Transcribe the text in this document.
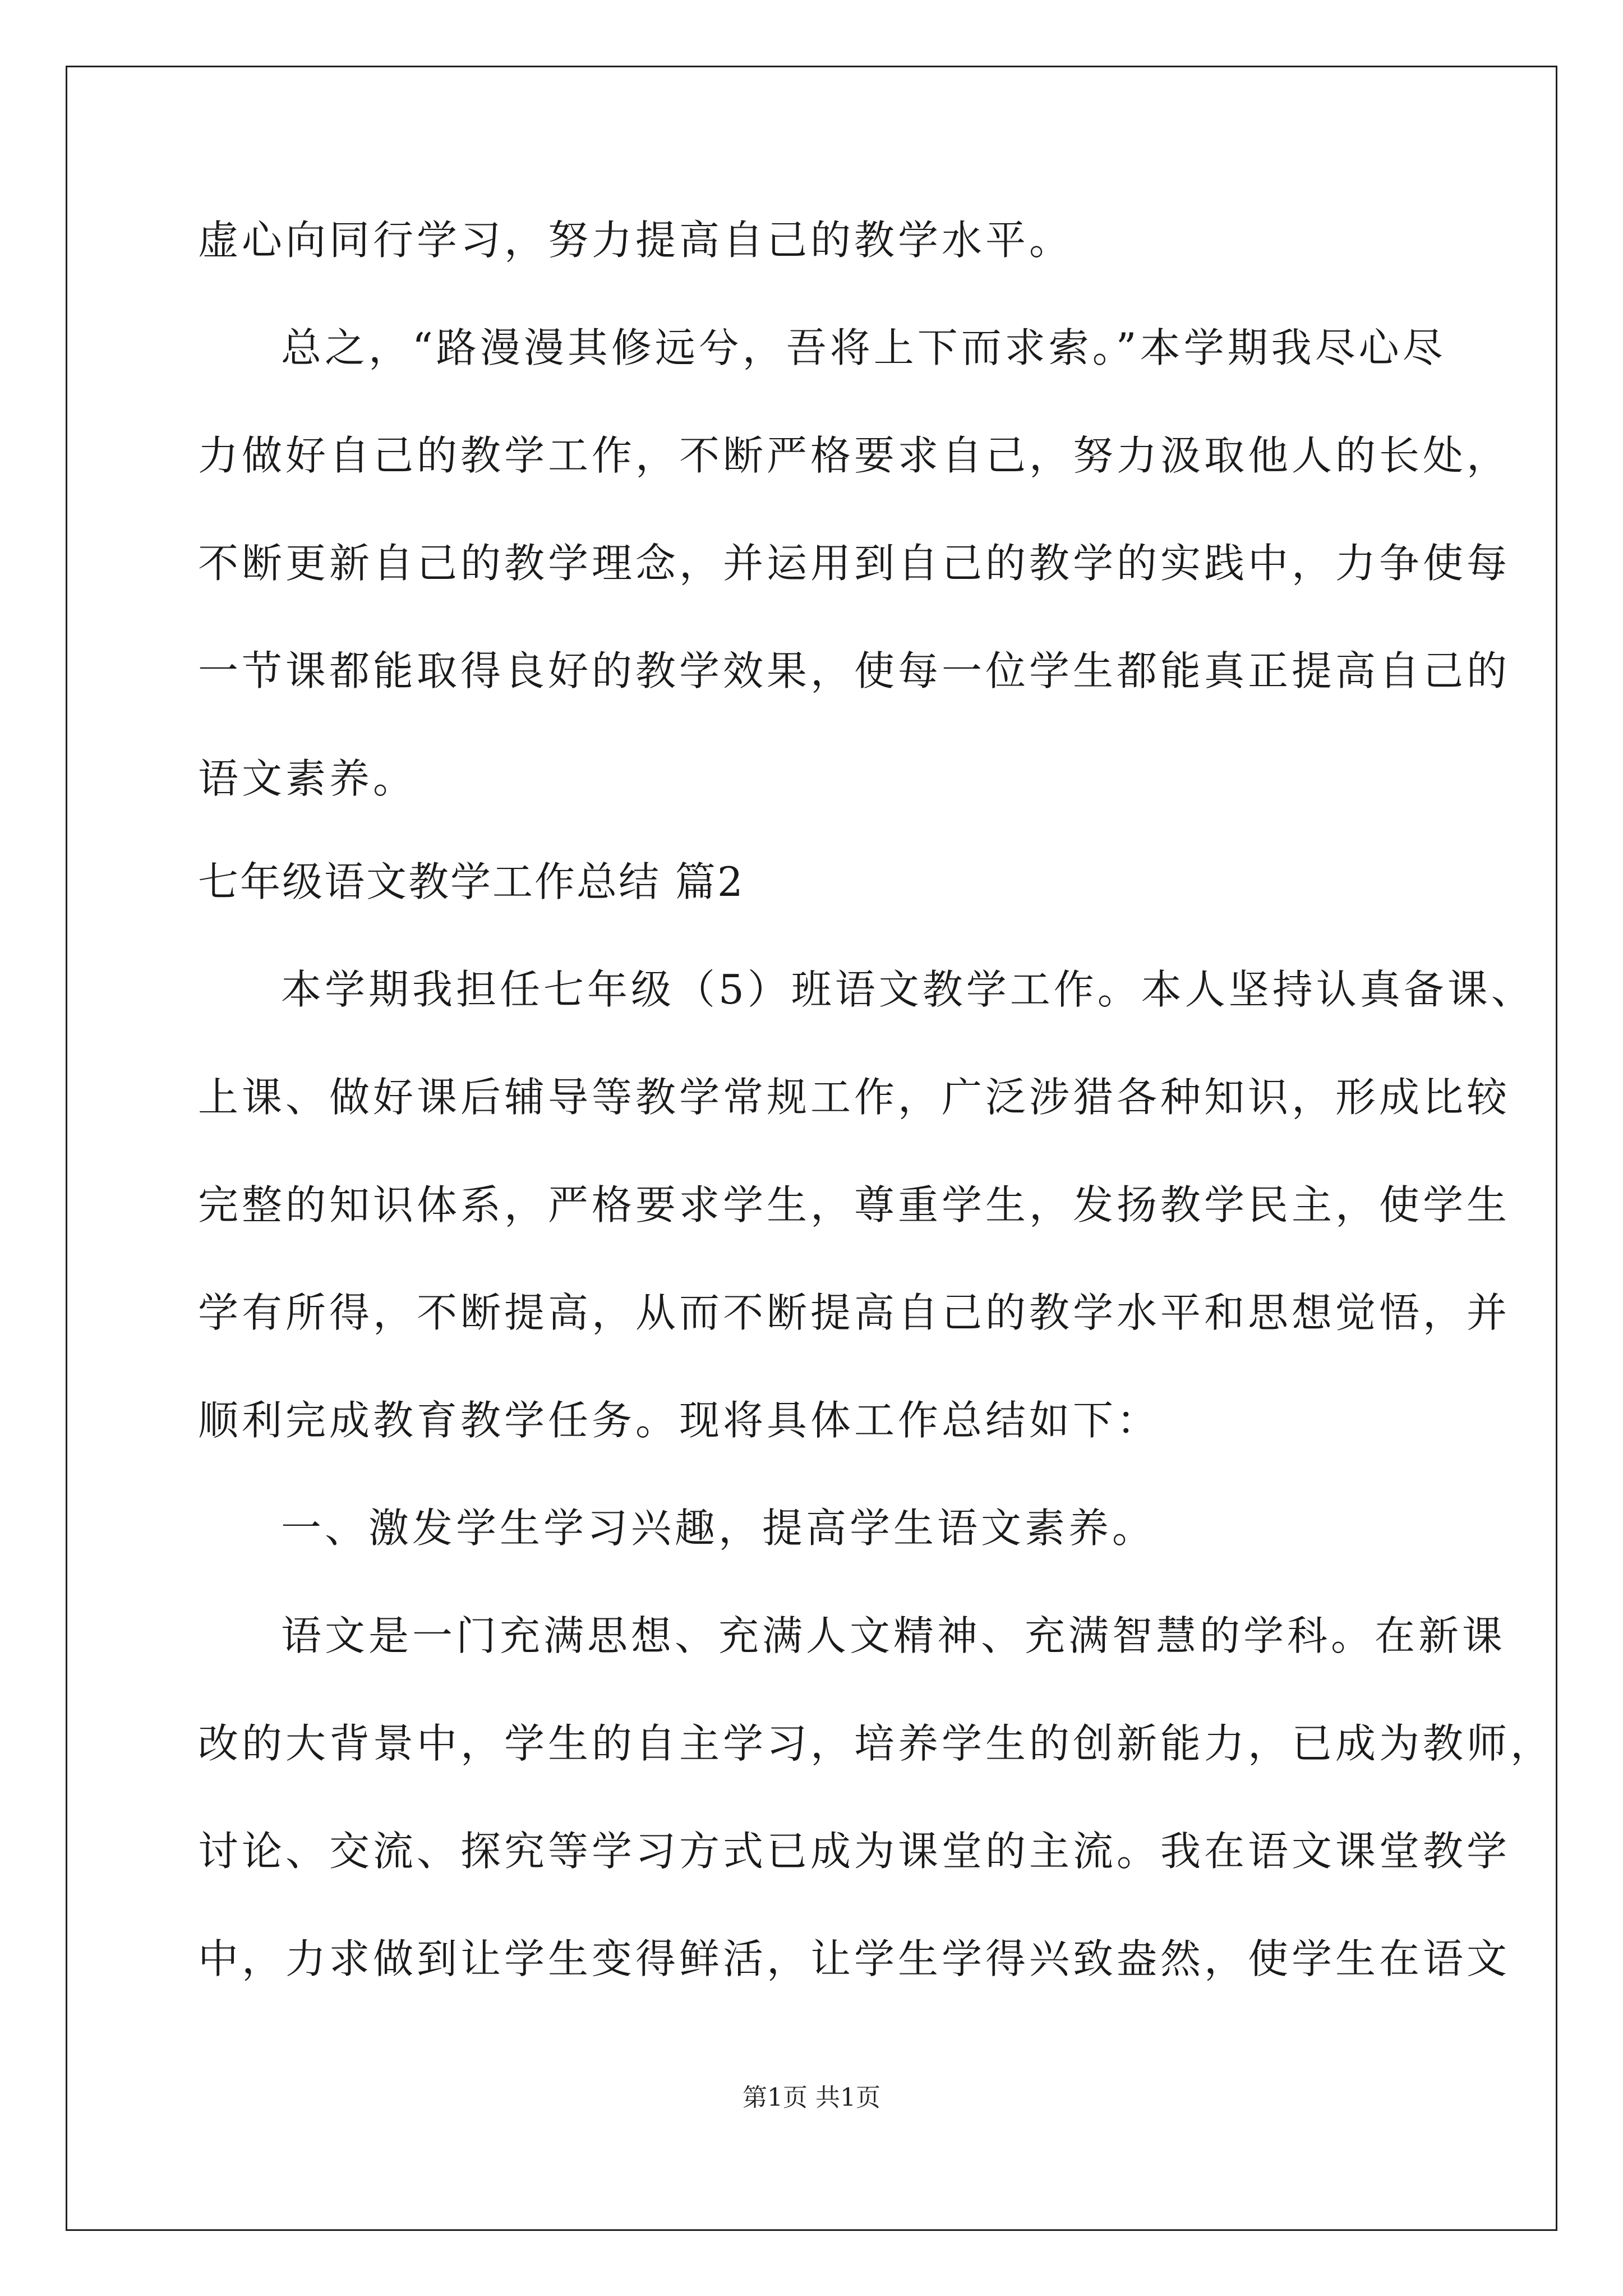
虚心向同行学习，努力提高自己的教学水平。
总之，“路漫漫其修远兮，吾将上下而求索。”本学期我尽心尽
力做好自己的教学工作，不断严格要求自己，努力汲取他人的长处，
不断更新自己的教学理念，并运用到自己的教学的实践中，力争使每
一节课都能取得良好的教学效果，使每一位学生都能真正提高自己的
语文素养。
七年级语文教学工作总结 篇2
本学期我担任七年级（5）班语文教学工作。本人坚持认真备课、
上课、做好课后辅导等教学常规工作，广泛涉猎各种知识，形成比较
完整的知识体系，严格要求学生，尊重学生，发扬教学民主，使学生
学有所得，不断提高，从而不断提高自己的教学水平和思想觉悟，并
顺利完成教育教学任务。现将具体工作总结如下：
一、激发学生学习兴趣，提高学生语文素养。
语文是一门充满思想、充满人文精神、充满智慧的学科。在新课
改的大背景中，学生的自主学习，培养学生的创新能力，已成为教师，
讨论、交流、探究等学习方式已成为课堂的主流。我在语文课堂教学
中，力求做到让学生变得鲜活，让学生学得兴致盎然，使学生在语文
第1页 共1页
